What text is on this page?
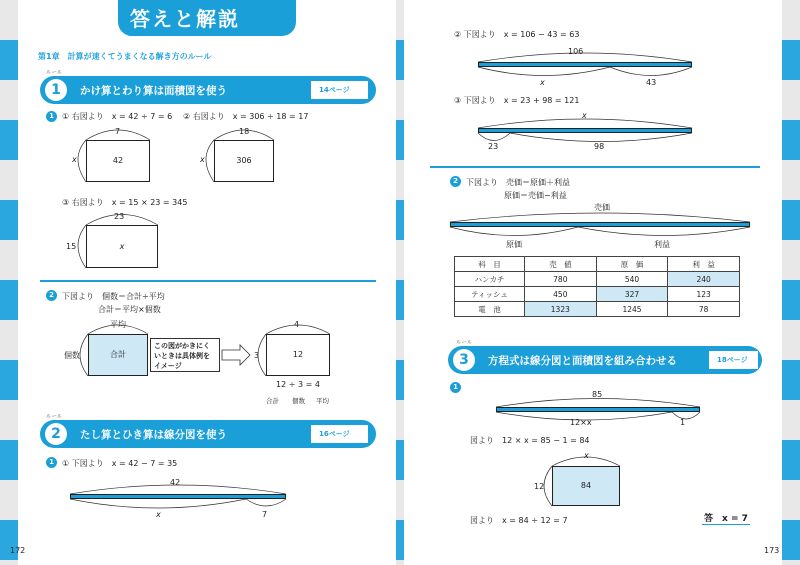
答えと解説
第1章　計算が速くてうまくなる解き方のルール
ルール
1	かけ算とわり算は面積図を使う	14ページ
1	① 右図より　x = 42 ÷ 7 = 6 ② 右図より　x = 306 ÷ 18 = 17
7
x	42
18
x	306
③ 右図より　x = 15 × 23 = 345
23
15	x
2	下図より　個数＝合計÷平均
合計＝平均×個数
平均
個数	合計
この図がかきにく
いときは具体例を
イメージ
4
3	12
12 ÷ 3 = 4
合計 個数 平均
ルール
2	たし算とひき算は線分図を使う	16ページ
1	① 下図より　x = 42 − 7 = 35
42
x	7
172
② 下図より　x = 106 − 43 = 63
106
x	43
③ 下図より　x = 23 + 98 = 121
x
23	98
2	下図より　売価＝原価＋利益
原価＝売価−利益
売価
原価	利益
科　目	売　値	原　価	利　益
ハンカチ	780	540	240
ティッシュ	450	327	123
電　池	1323	1245	78
ルール
3	方程式は線分図と面積図を組み合わせる	18ページ
1
85
12×x	1
図より　12 × x = 85 − 1 = 84
x
12	84
図より　x = 84 ÷ 12 = 7	答　x = 7
173
